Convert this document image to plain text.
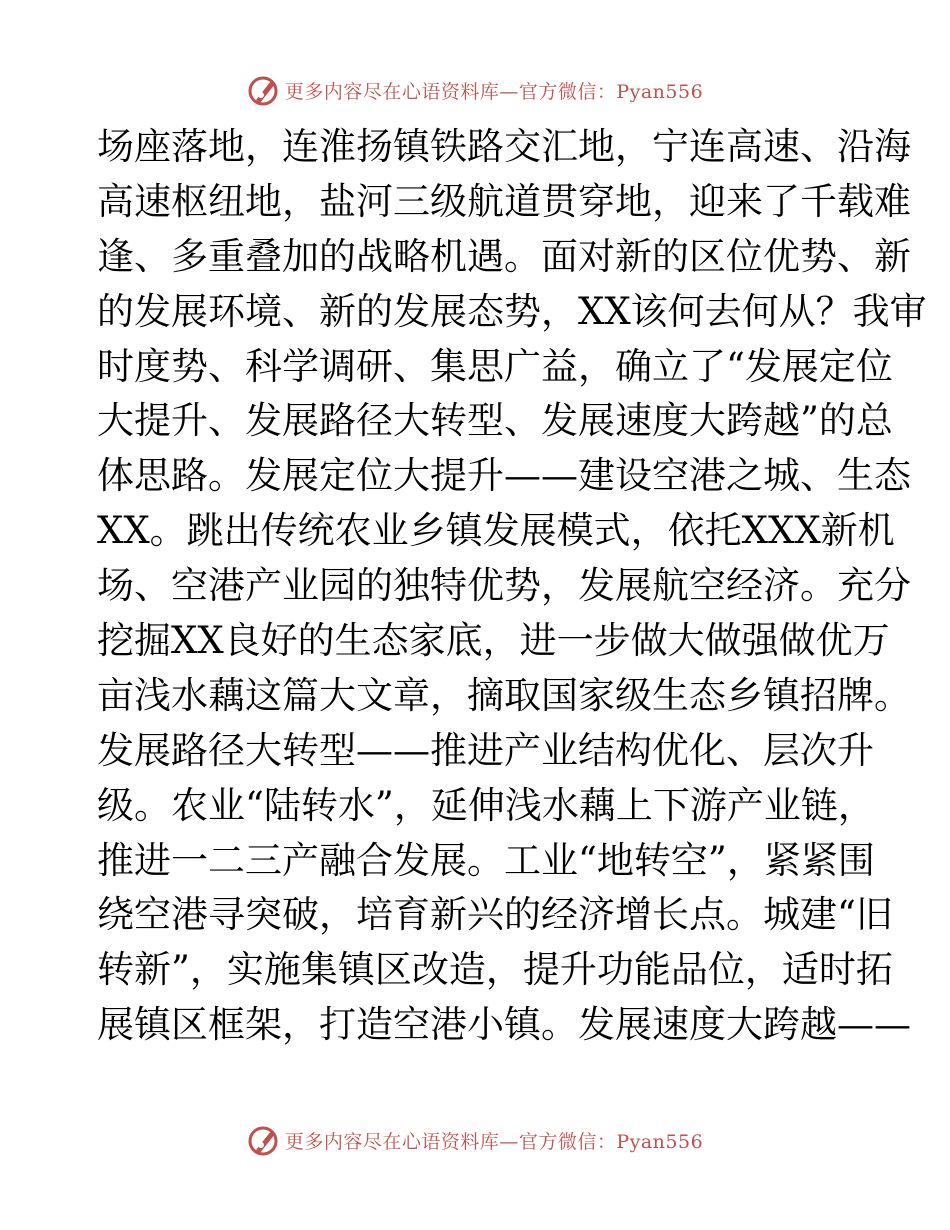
更多内容尽在心语资料库—官方微信：Pyan556
场座落地，连淮扬镇铁路交汇地，宁连高速、沿海
高速枢纽地，盐河三级航道贯穿地，迎来了千载难
逢、多重叠加的战略机遇。面对新的区位优势、新
的发展环境、新的发展态势，XX该何去何从？我审
时度势、科学调研、集思广益，确立了“发展定位
大提升、发展路径大转型、发展速度大跨越”的总
体思路。发展定位大提升——建设空港之城、生态
XX。跳出传统农业乡镇发展模式，依托XXX新机
场、空港产业园的独特优势，发展航空经济。充分
挖掘XX良好的生态家底，进一步做大做强做优万
亩浅水藕这篇大文章，摘取国家级生态乡镇招牌。
发展路径大转型——推进产业结构优化、层次升
级。农业“陆转水”，延伸浅水藕上下游产业链，
推进一二三产融合发展。工业“地转空”，紧紧围
绕空港寻突破，培育新兴的经济增长点。城建“旧
转新”，实施集镇区改造，提升功能品位，适时拓
展镇区框架，打造空港小镇。发展速度大跨越——
更多内容尽在心语资料库—官方微信：Pyan556
